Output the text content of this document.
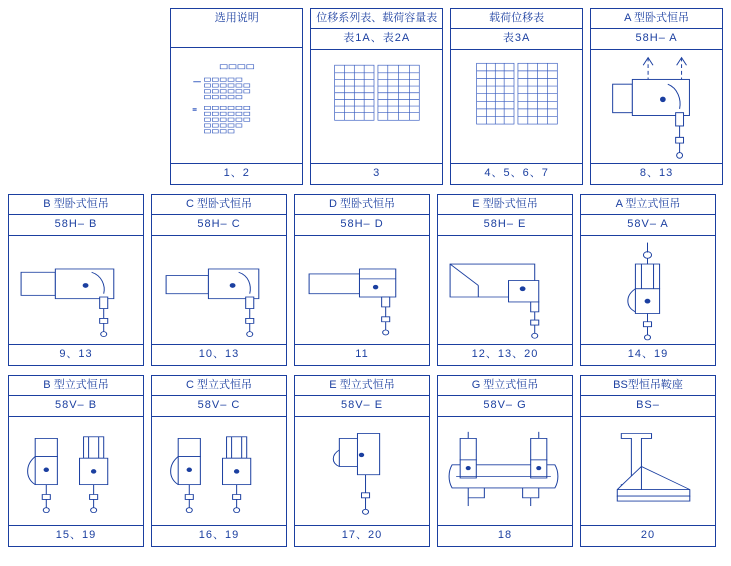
选用说明
—
=
1、2
位移系列表、载荷容量表
表1A、表2A
3
载荷位移表
表3A
4、5、6、7
A 型卧式恒吊
58H– A
8、13
B 型卧式恒吊
58H– B
9、13
C 型卧式恒吊
58H– C
10、13
D 型卧式恒吊
58H– D
11
E 型卧式恒吊
58H– E
12、13、20
A 型立式恒吊
58V– A
14、19
B 型立式恒吊
58V– B
15、19
C 型立式恒吊
58V– C
16、19
E 型立式恒吊
58V– E
17、20
G 型立式恒吊
58V– G
18
BS型恒吊鞍座
BS–
20
